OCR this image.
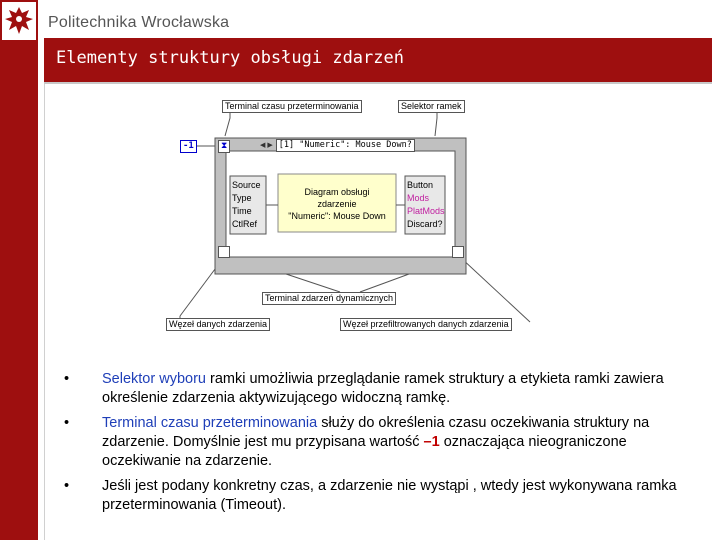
Politechnika Wrocławska
Elementy struktury obsługi zdarzeń
Terminal czasu przeterminowania	Selektor ramek
-1	⧗	◀ ▶ [1] "Numeric": Mouse Down?
Source
Type
Time
CtlRef
Diagram obsługi
zdarzenie
"Numeric": Mouse Down
Button
Mods
PlatMods
Discard?
Terminal zdarzeń dynamicznych
Węzeł danych zdarzenia	Węzeł przefiltrowanych danych zdarzenia
• Selektor wyboru ramki umożliwia przeglądanie ramek struktury a etykieta ramki zawiera określenie zdarzenia aktywizującego widoczną ramkę.
• Terminal czasu przeterminowania służy do określenia czasu oczekiwania struktury na zdarzenie. Domyślnie jest mu przypisana wartość –1 oznaczająca nieograniczone oczekiwanie na zdarzenie.
• Jeśli jest podany konkretny czas, a zdarzenie nie wystąpi , wtedy jest wykonywana ramka przeterminowania (Timeout).
